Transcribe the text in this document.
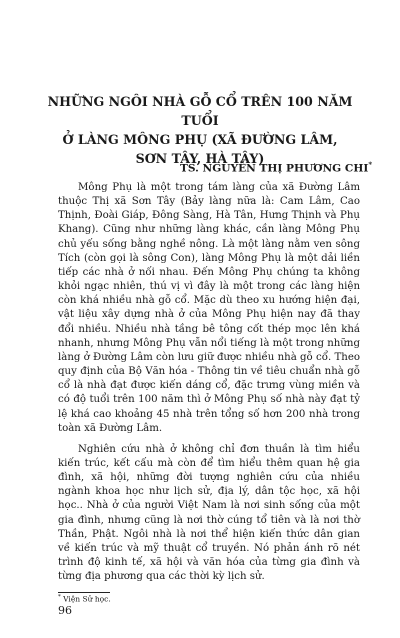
NHỮNG NGÔI NHÀ GỖ CỔ TRÊN 100 NĂM TUỔI
Ở LÀNG MÔNG PHỤ (XÃ ĐƯỜNG LÂM,
SƠN TÂY, HÀ TÂY)
TS. NGUYỄN THỊ PHƯƠNG CHI*

Mông Phụ là một trong tám làng của xã Đường Lâm thuộc Thị xã Sơn Tây (Bảy làng nữa là: Cam Lâm, Cao Thịnh, Đoài Giáp, Đông Sàng, Hà Tân, Hưng Thịnh và Phụ Khang). Cũng như những làng khác, cần làng Mông Phụ chủ yếu sống bằng nghề nông. Là một làng nằm ven sông Tích (còn gọi là sông Con), làng Mông Phụ là một dải liền tiếp các nhà ở nối nhau. Đến Mông Phụ chúng ta không khỏi ngạc nhiên, thú vị vì đây là một trong các làng hiện còn khá nhiều nhà gỗ cổ. Mặc dù theo xu hướng hiện đại, vật liệu xây dựng nhà ở của Mông Phụ hiện nay đã thay đổi nhiều. Nhiều nhà tầng bê tông cốt thép mọc lên khá nhanh, nhưng Mông Phụ vẫn nổi tiếng là một trong những làng ở Đường Lâm còn lưu giữ được nhiều nhà gỗ cổ. Theo quy định của Bộ Văn hóa - Thông tin về tiêu chuẩn nhà gỗ cổ là nhà đạt được kiến dáng cổ, đặc trưng vùng miền và có độ tuổi trên 100 năm thì ở Mông Phụ số nhà này đạt tỷ lệ khá cao khoảng 45 nhà trên tổng số hơn 200 nhà trong toàn xã Đường Lâm.

Nghiên cứu nhà ở không chỉ đơn thuần là tìm hiểu kiến trúc, kết cấu mà còn để tìm hiểu thêm quan hệ gia đình, xã hội, những đời tượng nghiên cứu của nhiều ngành khoa học như lịch sử, địa lý, dân tộc học, xã hội học.. Nhà ở của người Việt Nam là nơi sinh sống của một gia đình, nhưng cũng là nơi thờ cúng tổ tiên và là nơi thờ Thần, Phật. Ngôi nhà là nơi thể hiện kiến thức dân gian về kiến trúc và mỹ thuật cổ truyền. Nó phản ánh rõ nét trình độ kinh tế, xã hội và văn hóa của từng gia đình và từng địa phương qua các thời kỳ lịch sử.

* Viện Sử học.
96
